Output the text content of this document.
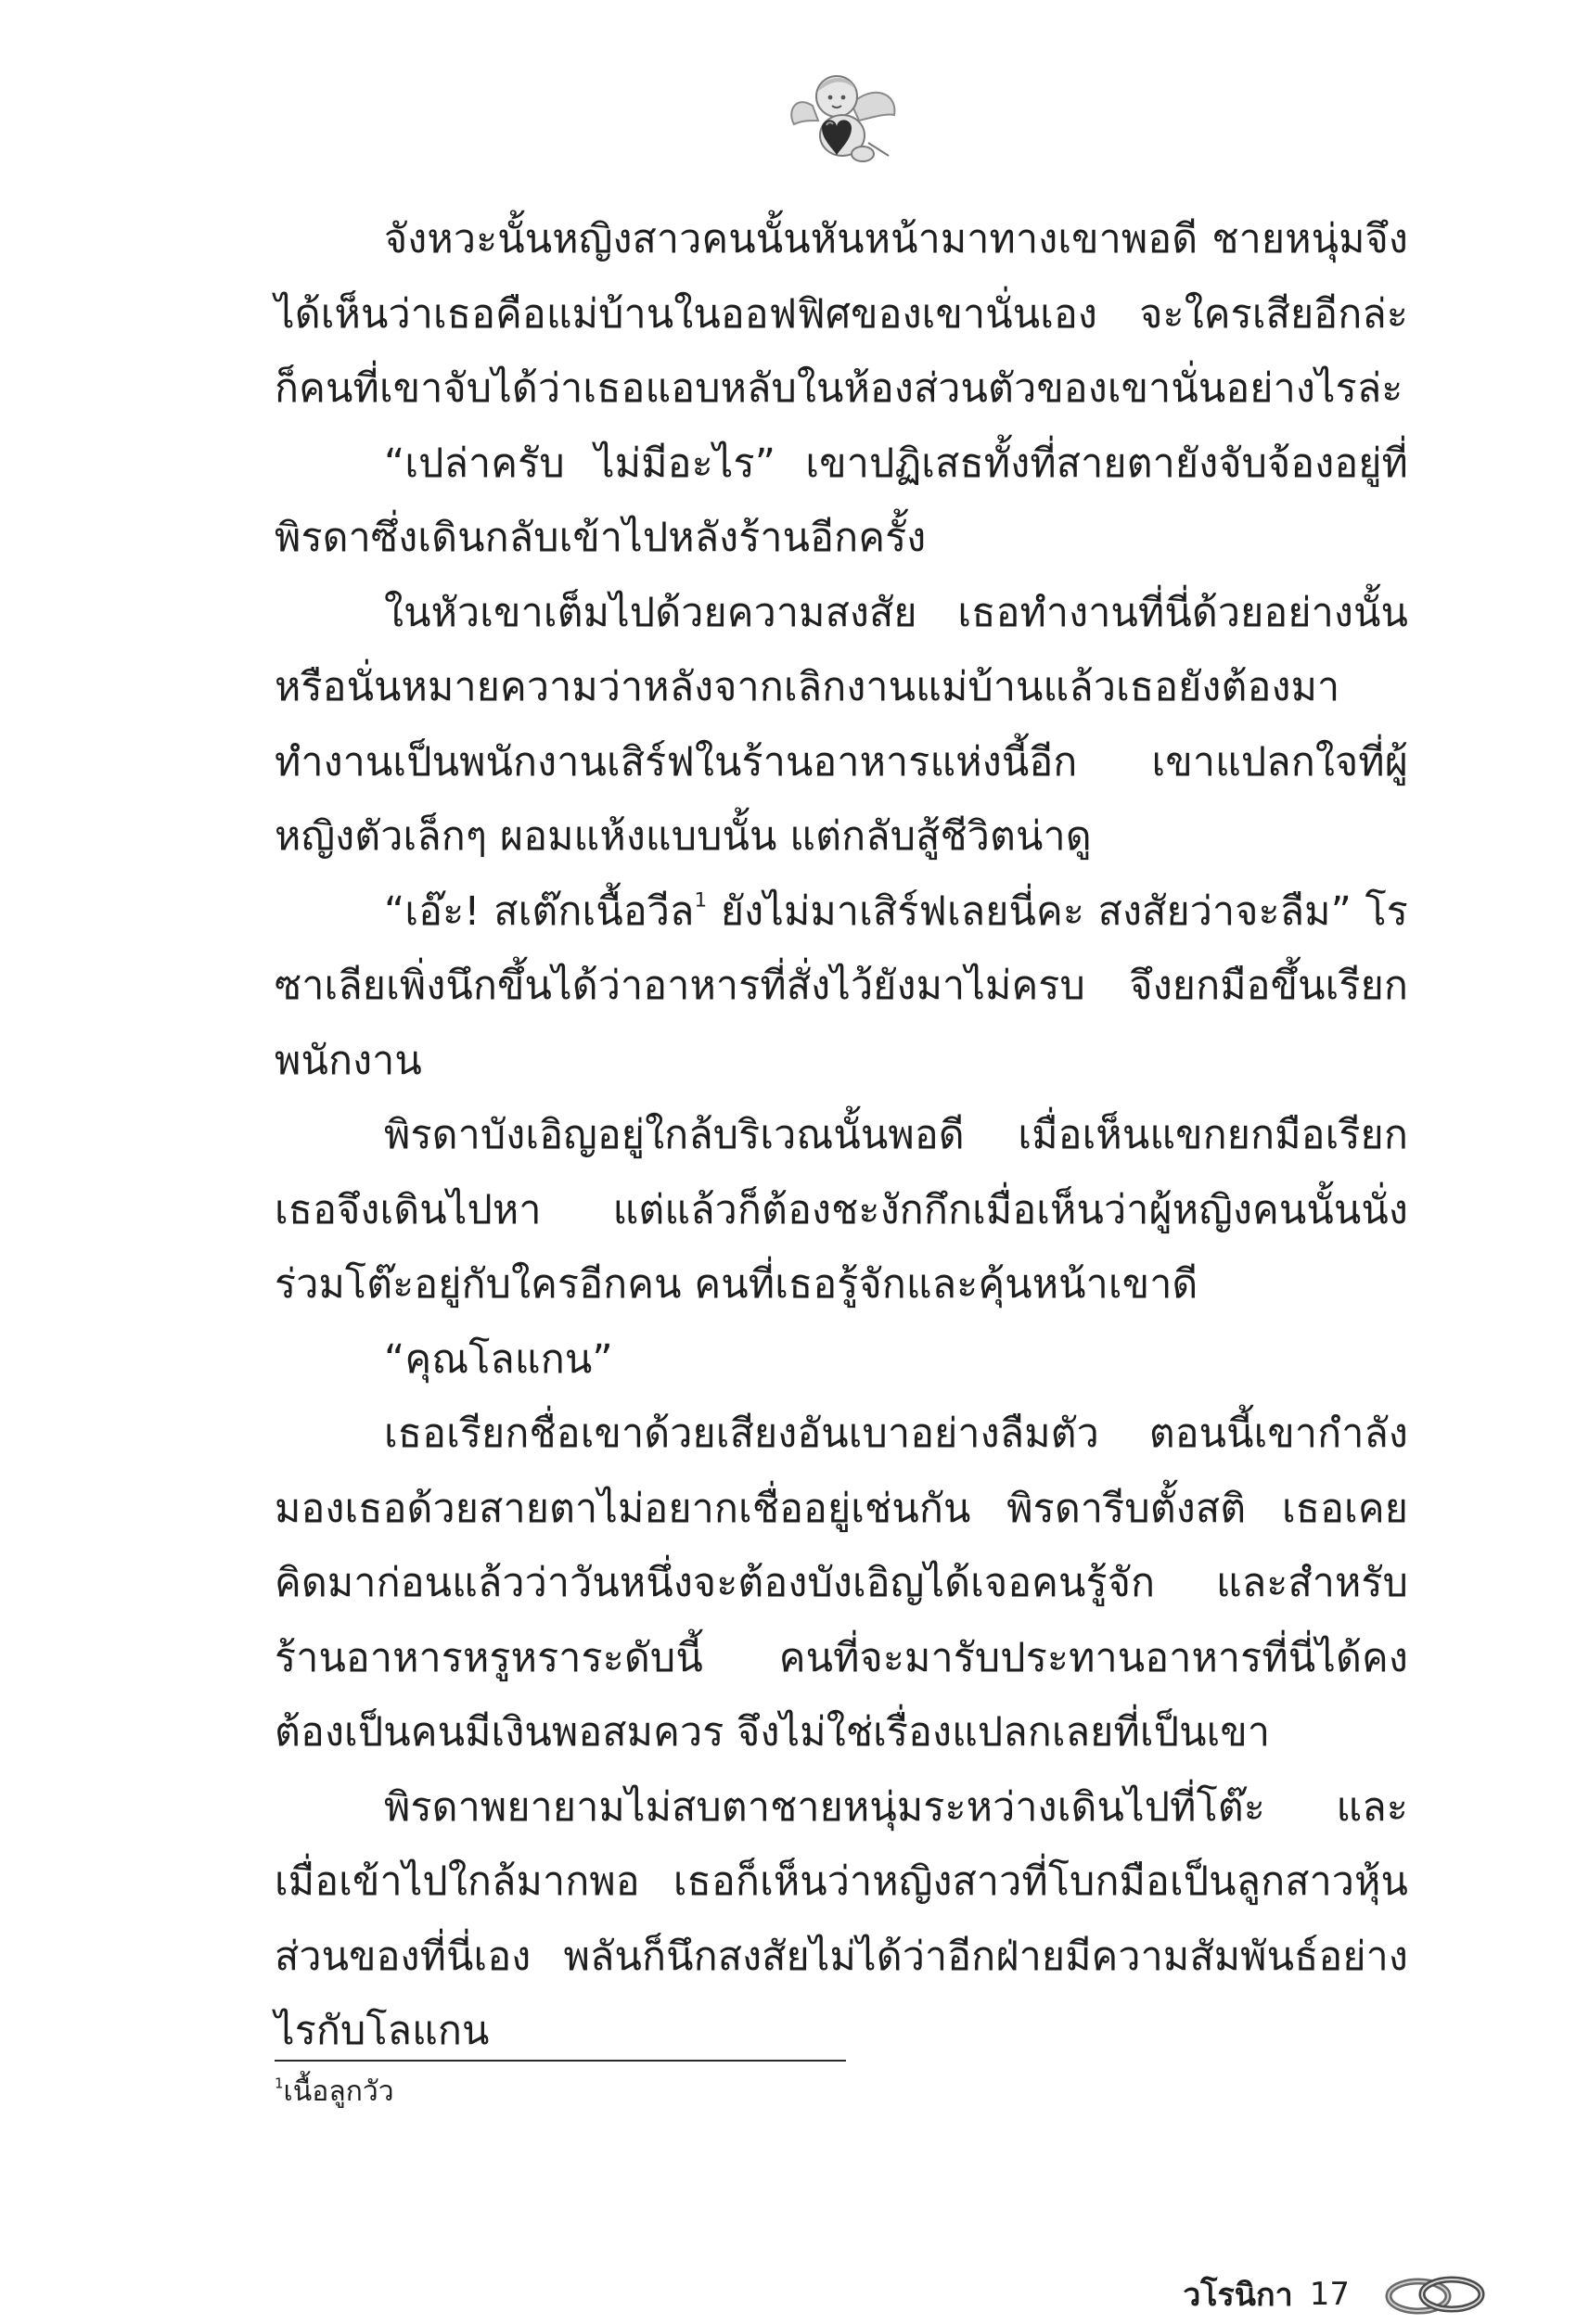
จังหวะนั้นหญิงสาวคนนั้นหันหน้ามาทางเขาพอดี ชายหนุ่มจึงได้เห็นว่าเธอคือแม่บ้านในออฟฟิศของเขานั่นเอง จะใครเสียอีกล่ะ ก็คนที่เขาจับได้ว่าเธอแอบหลับในห้องส่วนตัวของเขานั่นอย่างไรล่ะ

“เปล่าครับ ไม่มีอะไร” เขาปฏิเสธทั้งที่สายตายังจับจ้องอยู่ที่พิรดาซึ่งเดินกลับเข้าไปหลังร้านอีกครั้ง

ในหัวเขาเต็มไปด้วยความสงสัย เธอทำงานที่นี่ด้วยอย่างนั้นหรือนั่นหมายความว่าหลังจากเลิกงานแม่บ้านแล้วเธอยังต้องมาทำงานเป็นพนักงานเสิร์ฟในร้านอาหารแห่งนี้อีก เขาแปลกใจที่ผู้หญิงตัวเล็กๆ ผอมแห้งแบบนั้น แต่กลับสู้ชีวิตน่าดู

“เอ๊ะ! สเต๊กเนื้อวีล$^1$ ยังไม่มาเสิร์ฟเลยนี่คะ สงสัยว่าจะลืม” โรซาเลียเพิ่งนึกขึ้นได้ว่าอาหารที่สั่งไว้ยังมาไม่ครบ จึงยกมือขึ้นเรียกพนักงาน

พิรดาบังเอิญอยู่ใกล้บริเวณนั้นพอดี เมื่อเห็นแขกยกมือเรียกเธอจึงเดินไปหา แต่แล้วก็ต้องชะงักกึกเมื่อเห็นว่าผู้หญิงคนนั้นนั่งร่วมโต๊ะอยู่กับใครอีกคน คนที่เธอรู้จักและคุ้นหน้าเขาดี

“คุณโลแกน”

เธอเรียกชื่อเขาด้วยเสียงอันเบาอย่างลืมตัว ตอนนี้เขากำลังมองเธอด้วยสายตาไม่อยากเชื่ออยู่เช่นกัน พิรดารีบตั้งสติ เธอเคยคิดมาก่อนแล้วว่าวันหนึ่งจะต้องบังเอิญได้เจอคนรู้จัก และสำหรับร้านอาหารหรูหราระดับนี้ คนที่จะมารับประทานอาหารที่นี่ได้คงต้องเป็นคนมีเงินพอสมควร จึงไม่ใช่เรื่องแปลกเลยที่เป็นเขา

พิรดาพยายามไม่สบตาชายหนุ่มระหว่างเดินไปที่โต๊ะ และเมื่อเข้าไปใกล้มากพอ เธอก็เห็นว่าหญิงสาวที่โบกมือเป็นลูกสาวหุ้นส่วนของที่นี่เอง พลันก็นึกสงสัยไม่ได้ว่าอีกฝ่ายมีความสัมพันธ์อย่างไรกับโลแกน

$^1$เนื้อลูกวัว
วโรนิกา 17
